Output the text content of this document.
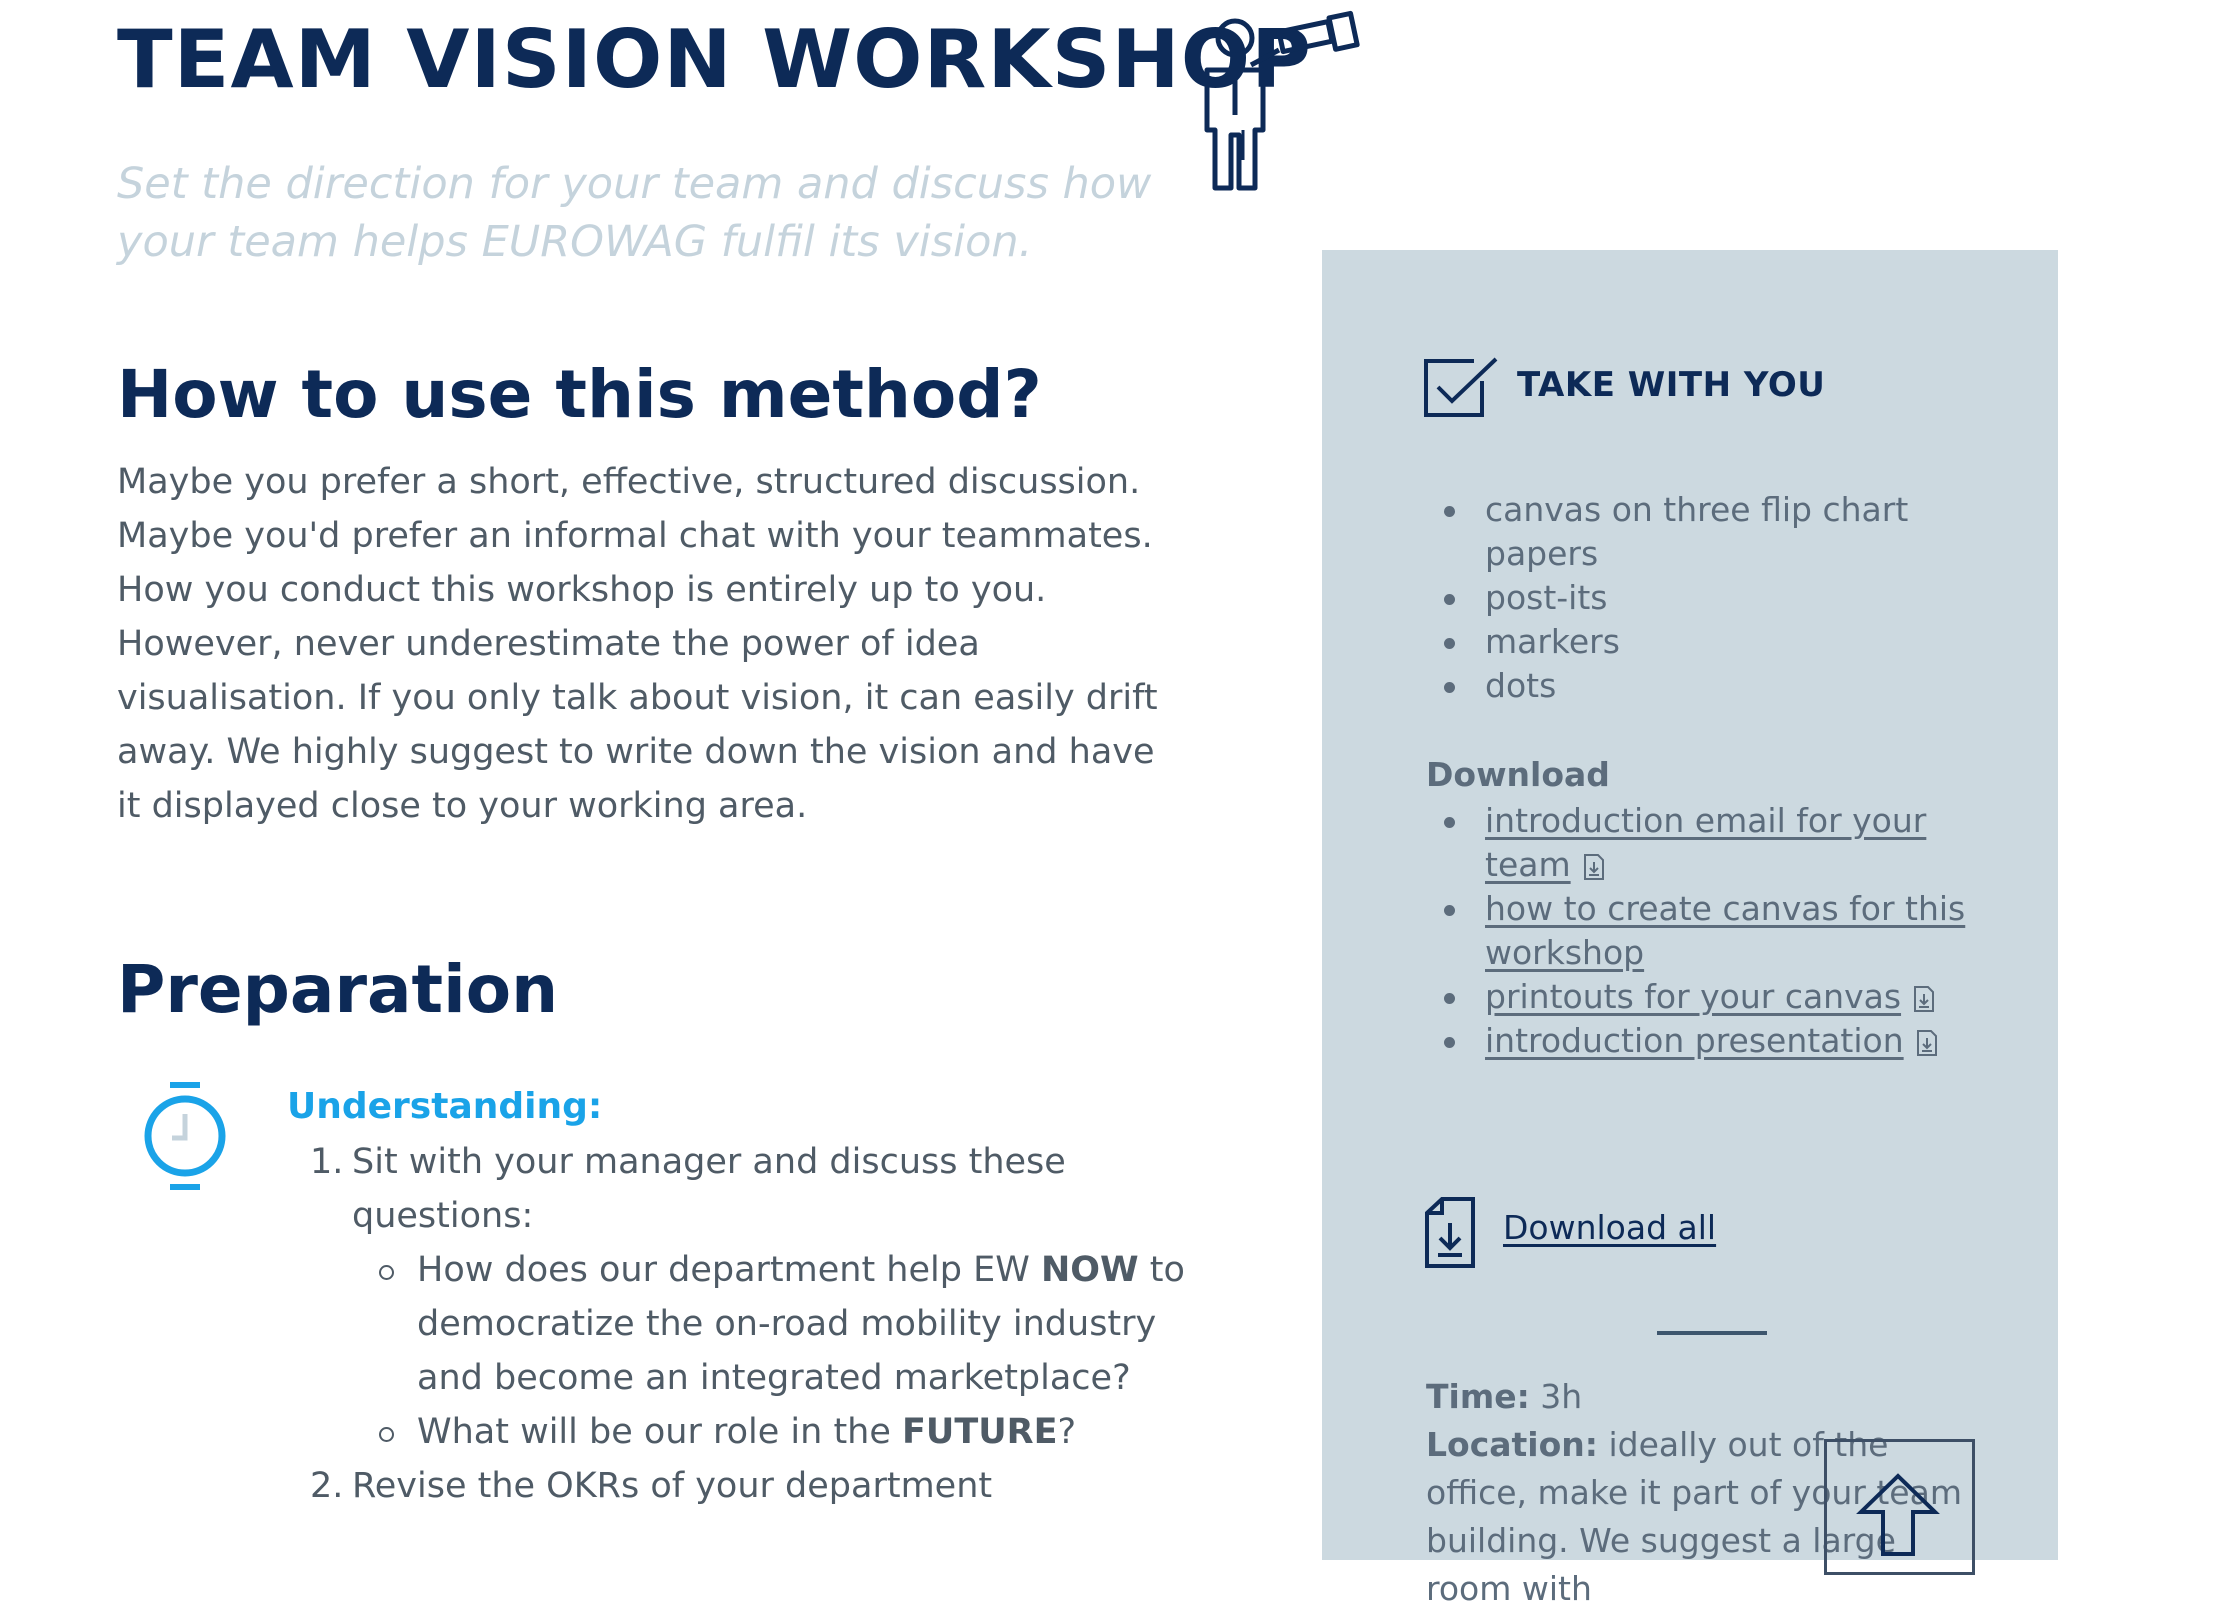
TEAM VISION WORKSHOP

Set the direction for your team and discuss how your team helps EUROWAG fulfil its vision.

How to use this method?

Maybe you prefer a short, effective, structured discussion. Maybe you'd prefer an informal chat with your teammates. How you conduct this workshop is entirely up to you. However, never underestimate the power of idea visualisation. If you only talk about vision, it can easily drift away. We highly suggest to write down the vision and have it displayed close to your working area.

Preparation

Understanding:

1. Sit with your manager and discuss these questions:
How does our department help EW NOW to democratize the on-road mobility industry and become an integrated marketplace?
What will be our role in the FUTURE?
2. Revise the OKRs of your department

TAKE WITH YOU

canvas on three flip chart papers
post-its
markers
dots

Download

introduction email for your team
how to create canvas for this workshop
printouts for your canvas
introduction presentation
Download all

Time: 3h
Location: ideally out of the office, make it part of your team building. We suggest a large room with
